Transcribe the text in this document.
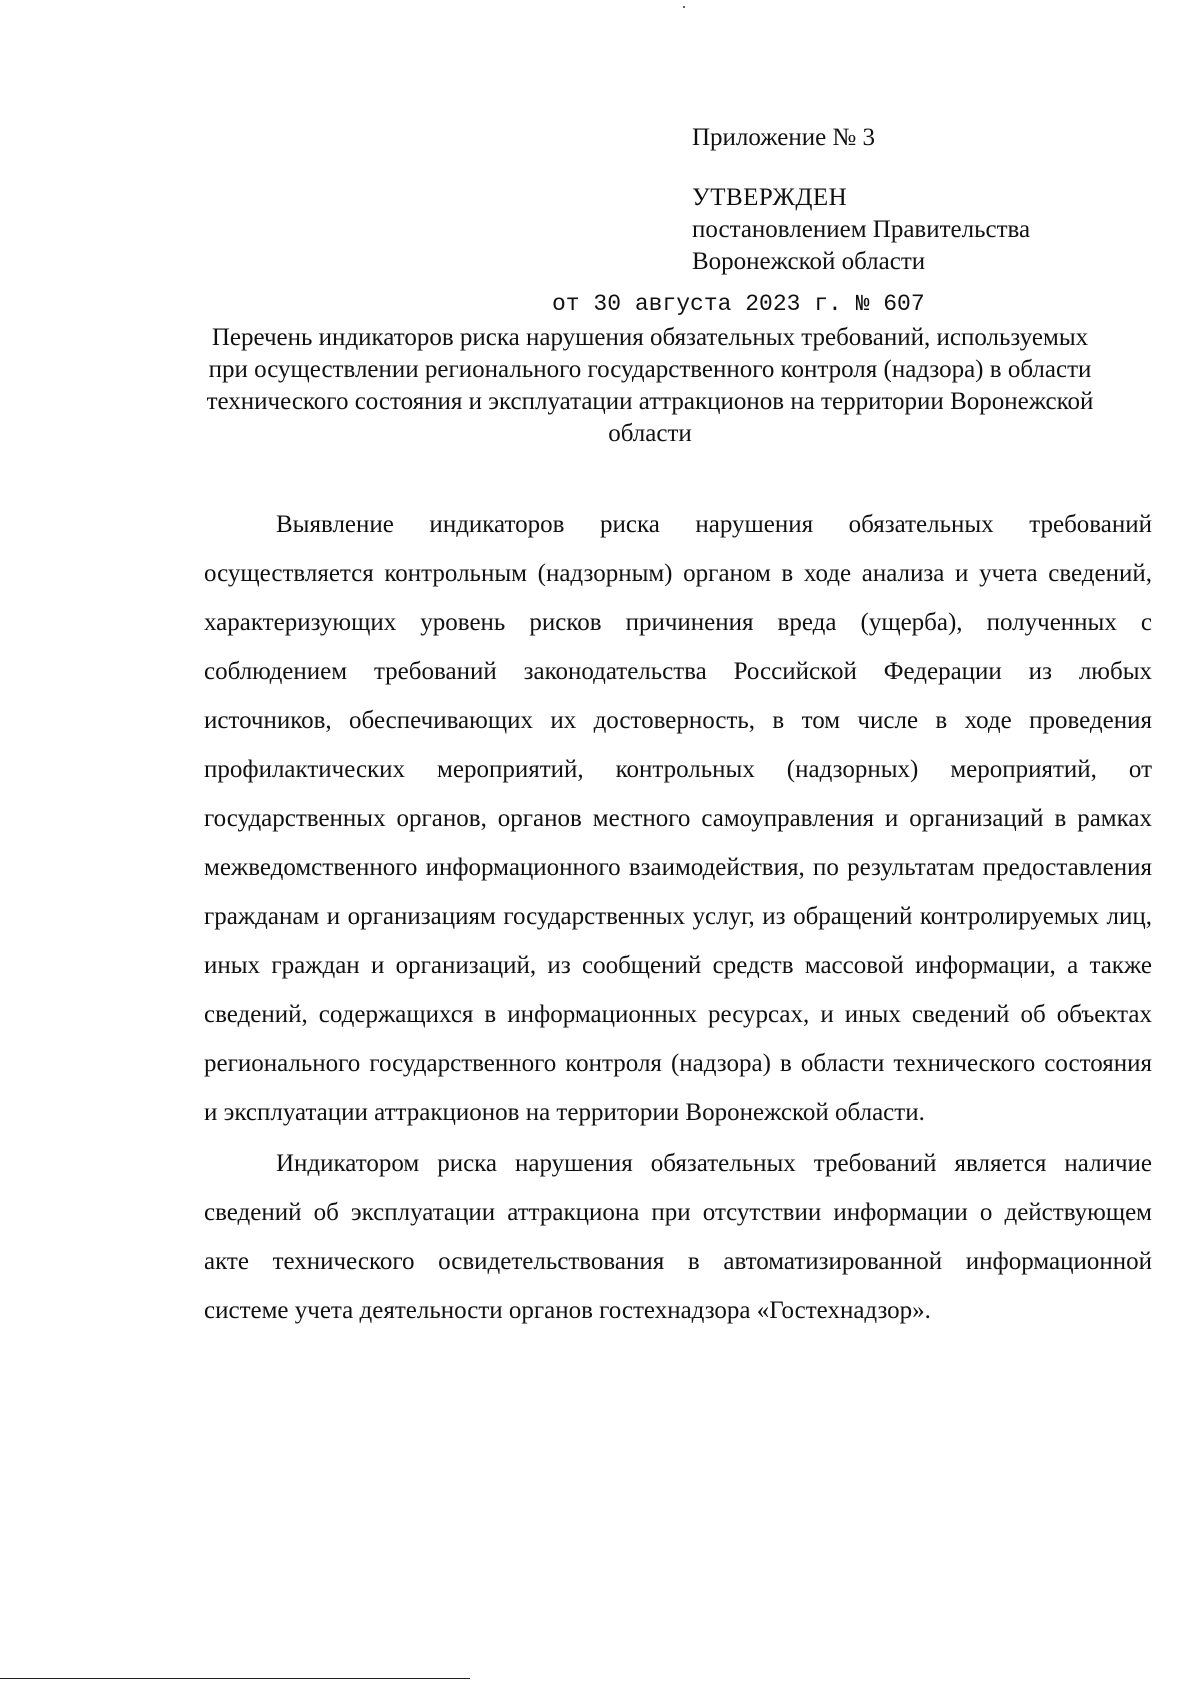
Приложение № 3

УТВЕРЖДЕН

постановлением Правительства

Воронежской области

от 30 августа 2023 г. № 607
Перечень индикаторов риска нарушения обязательных требований, используемых при осуществлении регионального государственного контроля (надзора) в области технического состояния и эксплуатации аттракционов на территории Воронежской области

Выявление индикаторов риска нарушения обязательных требований осуществляется контрольным (надзорным) органом в ходе анализа и учета сведений, характеризующих уровень рисков причинения вреда (ущерба), полученных с соблюдением требований законодательства Российской Федерации из любых источников, обеспечивающих их достоверность, в том числе в ходе проведения профилактических мероприятий, контрольных (надзорных) мероприятий, от государственных органов, органов местного самоуправления и организаций в рамках межведомственного информационного взаимодействия, по результатам предоставления гражданам и организациям государственных услуг, из обращений контролируемых лиц, иных граждан и организаций, из сообщений средств массовой информации, а также сведений, содержащихся в информационных ресурсах, и иных сведений об объектах регионального государственного контроля (надзора) в области технического состояния и эксплуатации аттракционов на территории Воронежской области.

Индикатором риска нарушения обязательных требований является наличие сведений об эксплуатации аттракциона при отсутствии информации о действующем акте технического освидетельствования в автоматизированной информационной системе учета деятельности органов гостехнадзора «Гостехнадзор».
